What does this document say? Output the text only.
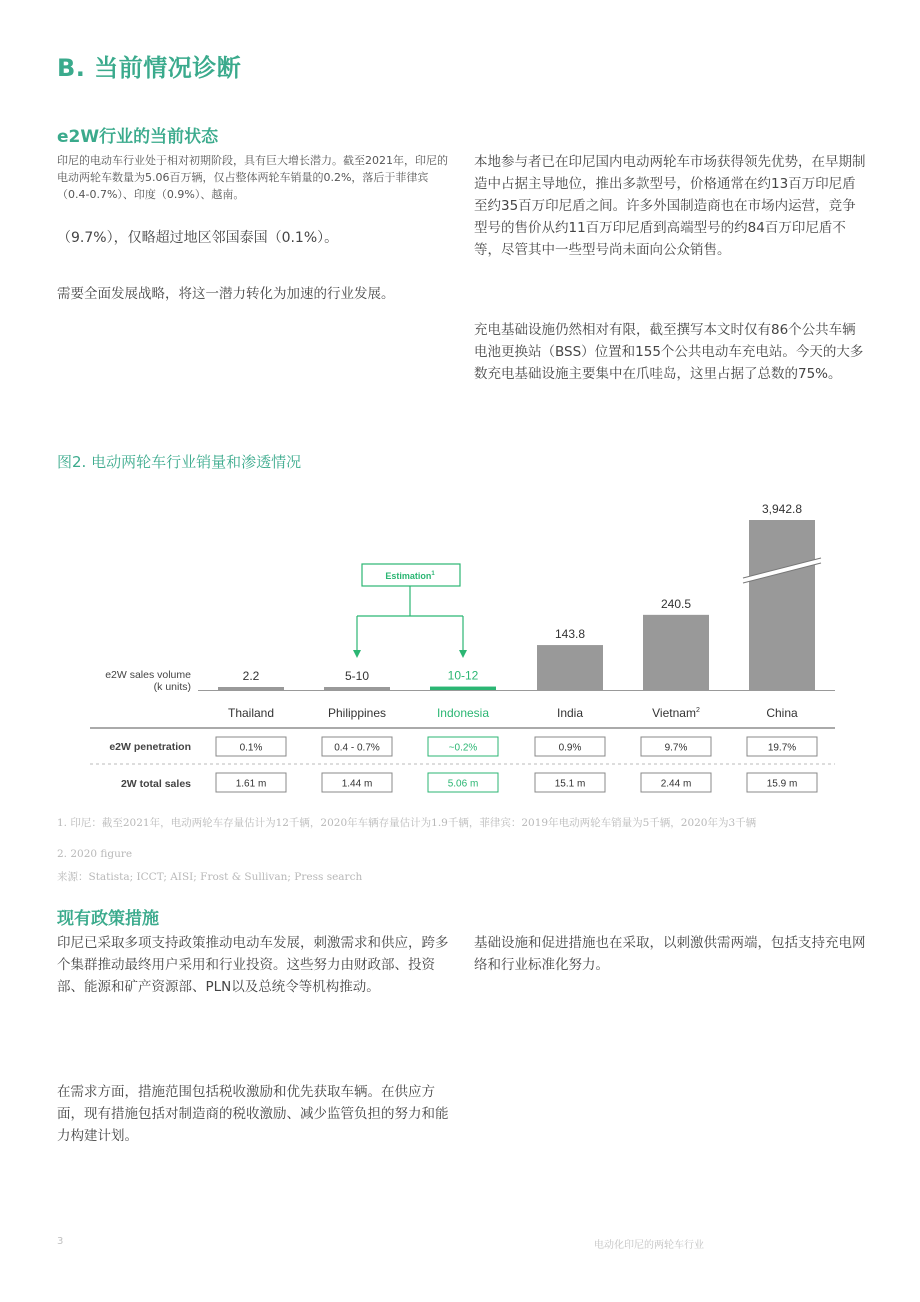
B. 当前情况诊断
e2W行业的当前状态
印尼的电动车行业处于相对初期阶段，具有巨大增长潜力。截至2021年，印尼的电动两轮车数量为5.06百万辆，仅占整体两轮车销量的0.2%，落后于菲律宾（0.4-0.7%）、印度（0.9%）、越南。
（9.7%），仅略超过地区邻国泰国（0.1%）。
需要全面发展战略，将这一潜力转化为加速的行业发展。
本地参与者已在印尼国内电动两轮车市场获得领先优势，在早期制造中占据主导地位，推出多款型号，价格通常在约13百万印尼盾至约35百万印尼盾之间。许多外国制造商也在市场内运营，竞争型号的售价从约11百万印尼盾到高端型号的约84百万印尼盾不等，尽管其中一些型号尚未面向公众销售。
充电基础设施仍然相对有限，截至撰写本文时仅有86个公共车辆电池更换站（BSS）位置和155个公共电动车充电站。今天的大多数充电基础设施主要集中在爪哇岛，这里占据了总数的75%。
图2. 电动两轮车行业销量和渗透情况
e2W sales volume
(k units)
Estimation$^1$
2.2
Thailand
5-10
Philippines
10-12
Indonesia
143.8
India
240.5
Vietnam$^2$
3,942.8
China
e2W penetration
2W total sales
0.1%	0.4 - 0.7%	~0.2%	0.9%	9.7%	19.7%
1.61 m	1.44 m	5.06 m	15.1 m	2.44 m	15.9 m
1. 印尼：截至2021年，电动两轮车存量估计为12千辆，2020年车辆存量估计为1.9千辆，菲律宾：2019年电动两轮车销量为5千辆，2020年为3千辆
2. 2020 figure
来源：Statista; ICCT; AISI; Frost & Sullivan; Press search
现有政策措施
印尼已采取多项支持政策推动电动车发展，刺激需求和供应，跨多个集群推动最终用户采用和行业投资。这些努力由财政部、投资部、能源和矿产资源部、PLN以及总统令等机构推动。
在需求方面，措施范围包括税收激励和优先获取车辆。在供应方面，现有措施包括对制造商的税收激励、减少监管负担的努力和能力构建计划。
基础设施和促进措施也在采取，以刺激供需两端，包括支持充电网络和行业标准化努力。
3	电动化印尼的两轮车行业
